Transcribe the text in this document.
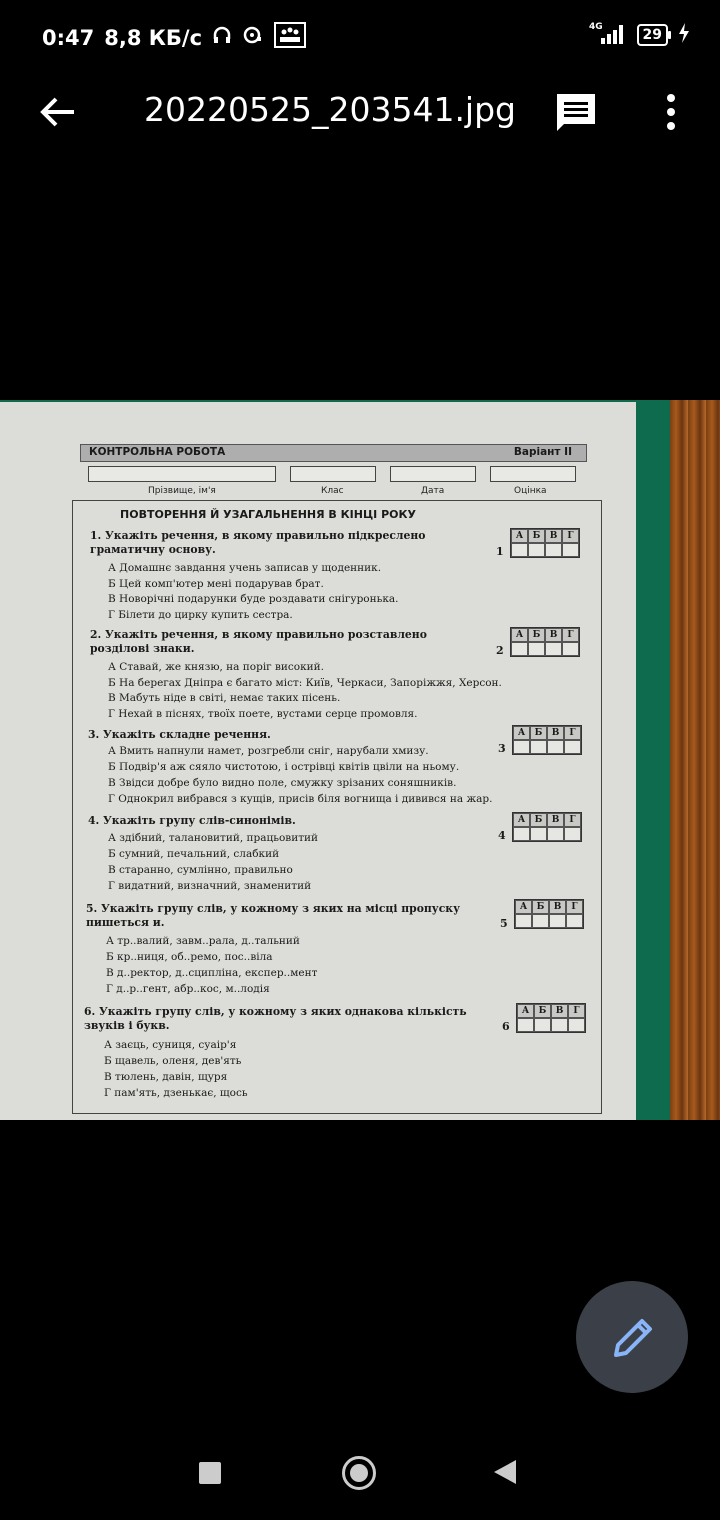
0:47 8,8 КБ/с	4G	29
20220525_203541.jpg
КОНТРОЛЬНА РОБОТА	Варіант ІІ
Прізвище, ім'я	Клас	Дата	Оцінка
ПОВТОРЕННЯ Й УЗАГАЛЬНЕННЯ В КІНЦІ РОКУ
1. Укажіть речення, в якому правильно підкреслено граматичну основу.	1
А	Б	В	Г
А Домашнє завдання учень записав у щоденник.
Б Цей комп'ютер мені подарував брат.
В Новорічні подарунки буде роздавати снігуронька.
Г Білети до цирку купить сестра.
2. Укажіть речення, в якому правильно розставлено розділові знаки.	2
А	Б	В	Г
А Ставай, же князю, на поріг високий.
Б На берегах Дніпра є багато міст: Київ, Черкаси, Запоріжжя, Херсон.
В Мабуть ніде в світі, немає таких пісень.
Г Нехай в піснях, твоїх поете, вустами серце промовля.
3. Укажіть складне речення.
3
А	Б	В	Г
А Вмить напнули намет, розгребли сніг, нарубали хмизу.
Б Подвір'я аж сяяло чистотою, і острівці квітів цвіли на ньому.
В Звідси добре було видно поле, смужку зрізаних соняшників.
Г Однокрил вибрався з кущів, присів біля вогнища і дивився на жар.
4. Укажіть групу слів-синонімів.
4
А	Б	В	Г
А здібний, талановитий, працьовитий
Б сумний, печальний, слабкий
В старанно, сумлінно, правильно
Г видатний, визначний, знаменитий
5. Укажіть групу слів, у кожному з яких на місці пропуску пишеться и.	5
А	Б	В	Г
А тр..валий, завм..рала, д..тальний
Б кр..ниця, об..ремо, пос..віла
В д..ректор, д..сципліна, експер..мент
Г д..р..гент, абр..кос, м..лодія
6. Укажіть групу слів, у кожному з яких однакова кількість звуків і букв.	6
А	Б	В	Г
А заєць, суниця, суаір'я
Б щавель, оленя, дев'ять
В тюлень, давін, щуря
Г пам'ять, дзенькає, щось
